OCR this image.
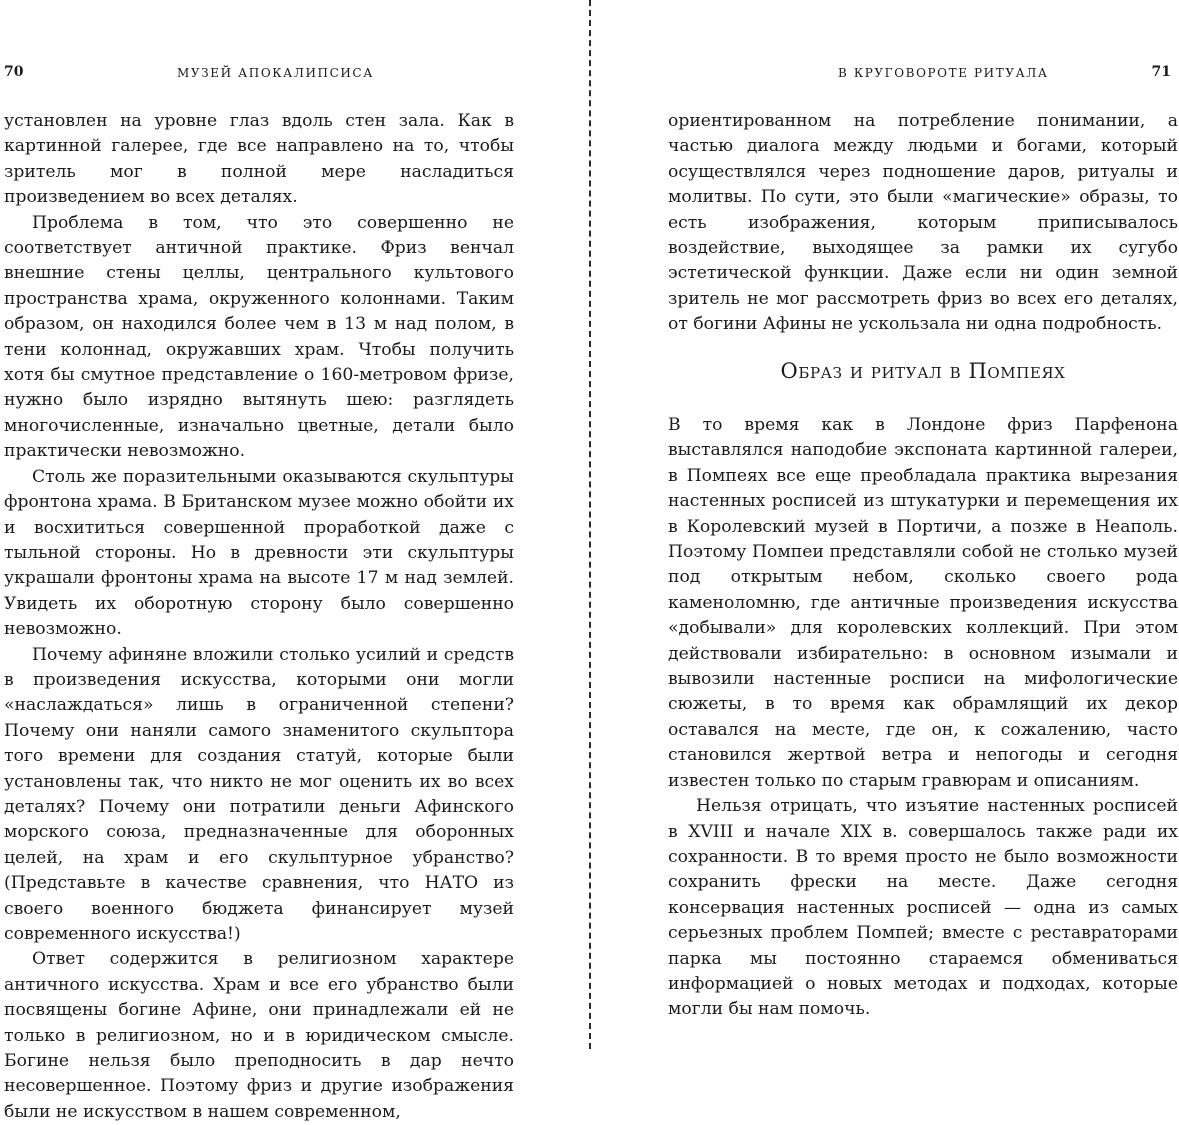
70	МУЗЕЙ АПОКАЛИПСИСА

установлен на уровне глаз вдоль стен зала. Как в картинной галерее, где все направлено на то, чтобы зритель мог в полной мере насладиться произведением во всех деталях.

Проблема в том, что это совершенно не соответствует античной практике. Фриз венчал внешние стены целлы, центрального культового пространства храма, окруженного колоннами. Таким образом, он находился более чем в 13 м над полом, в тени колоннад, окружавших храм. Чтобы получить хотя бы смутное представление о 160-метровом фризе, нужно было изрядно вытянуть шею: разглядеть многочисленные, изначально цветные, детали было практически невозможно.

Столь же поразительными оказываются скульптуры фронтона храма. В Британском музее можно обойти их и восхититься совершенной проработкой даже с тыльной стороны. Но в древности эти скульптуры украшали фронтоны храма на высоте 17 м над землей. Увидеть их оборотную сторону было совершенно невозможно.

Почему афиняне вложили столько усилий и средств в произведения искусства, которыми они могли «наслаждаться» лишь в ограниченной степени? Почему они наняли самого знаменитого скульптора того времени для создания статуй, которые были установлены так, что никто не мог оценить их во всех деталях? Почему они потратили деньги Афинского морского союза, предназначенные для оборонных целей, на храм и его скульптурное убранство? (Представьте в качестве сравнения, что НАТО из своего военного бюджета финансирует музей современного искусства!)

Ответ содержится в религиозном характере античного искусства. Храм и все его убранство были посвящены богине Афине, они принадлежали ей не только в религиозном, но и в юридическом смысле. Богине нельзя было преподносить в дар нечто несовершенное. Поэтому фриз и другие изображения были не искусством в нашем современном,

В КРУГОВОРОТЕ РИТУАЛА	71

ориентированном на потребление понимании, а частью диалога между людьми и богами, который осуществлялся через подношение даров, ритуалы и молитвы. По сути, это были «магические» образы, то есть изображения, которым приписывалось воздействие, выходящее за рамки их сугубо эстетической функции. Даже если ни один земной зритель не мог рассмотреть фриз во всех его деталях, от богини Афины не ускользала ни одна подробность.

Образ и ритуал в Помпеях

В то время как в Лондоне фриз Парфенона выставлялся наподобие экспоната картинной галереи, в Помпеях все еще преобладала практика вырезания настенных росписей из штукатурки и перемещения их в Королевский музей в Портичи, а позже в Неаполь. Поэтому Помпеи представляли собой не столько музей под открытым небом, сколько своего рода каменоломню, где античные произведения искусства «добывали» для королевских коллекций. При этом действовали избирательно: в основном изымали и вывозили настенные росписи на мифологические сюжеты, в то время как обрамлящий их декор оставался на месте, где он, к сожалению, часто становился жертвой ветра и непогоды и сегодня известен только по старым гравюрам и описаниям.

Нельзя отрицать, что изъятие настенных росписей в XVIII и начале XIX в. совершалось также ради их сохранности. В то время просто не было возможности сохранить фрески на месте. Даже сегодня консервация настенных росписей — одна из самых серьезных проблем Помпей; вместе с реставраторами парка мы постоянно стараемся обмениваться информацией о новых методах и подходах, которые могли бы нам помочь.
